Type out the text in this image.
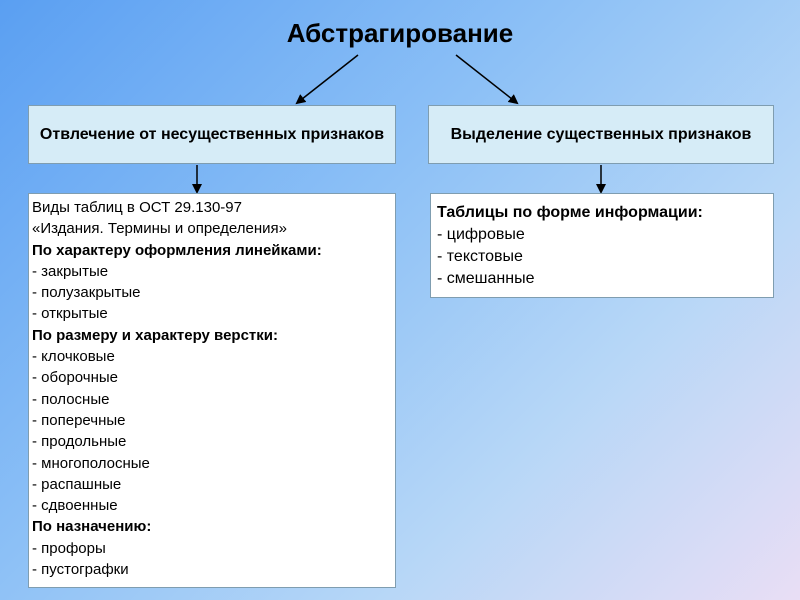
Абстрагирование
Отвлечение от несущественных признаков	Выделение существенных признаков
Виды таблиц в ОСТ 29.130-97
«Издания. Термины и определения»
По характеру оформления линейками:
- закрытые
- полузакрытые
- открытые
По размеру и характеру верстки:
- клочковые
- оборочные
- полосные
- поперечные
- продольные
- многополосные
- распашные
- сдвоенные
По назначению:
- профоры
- пустографки
Таблицы по форме информации:
- цифровые
- текстовые
- смешанные
